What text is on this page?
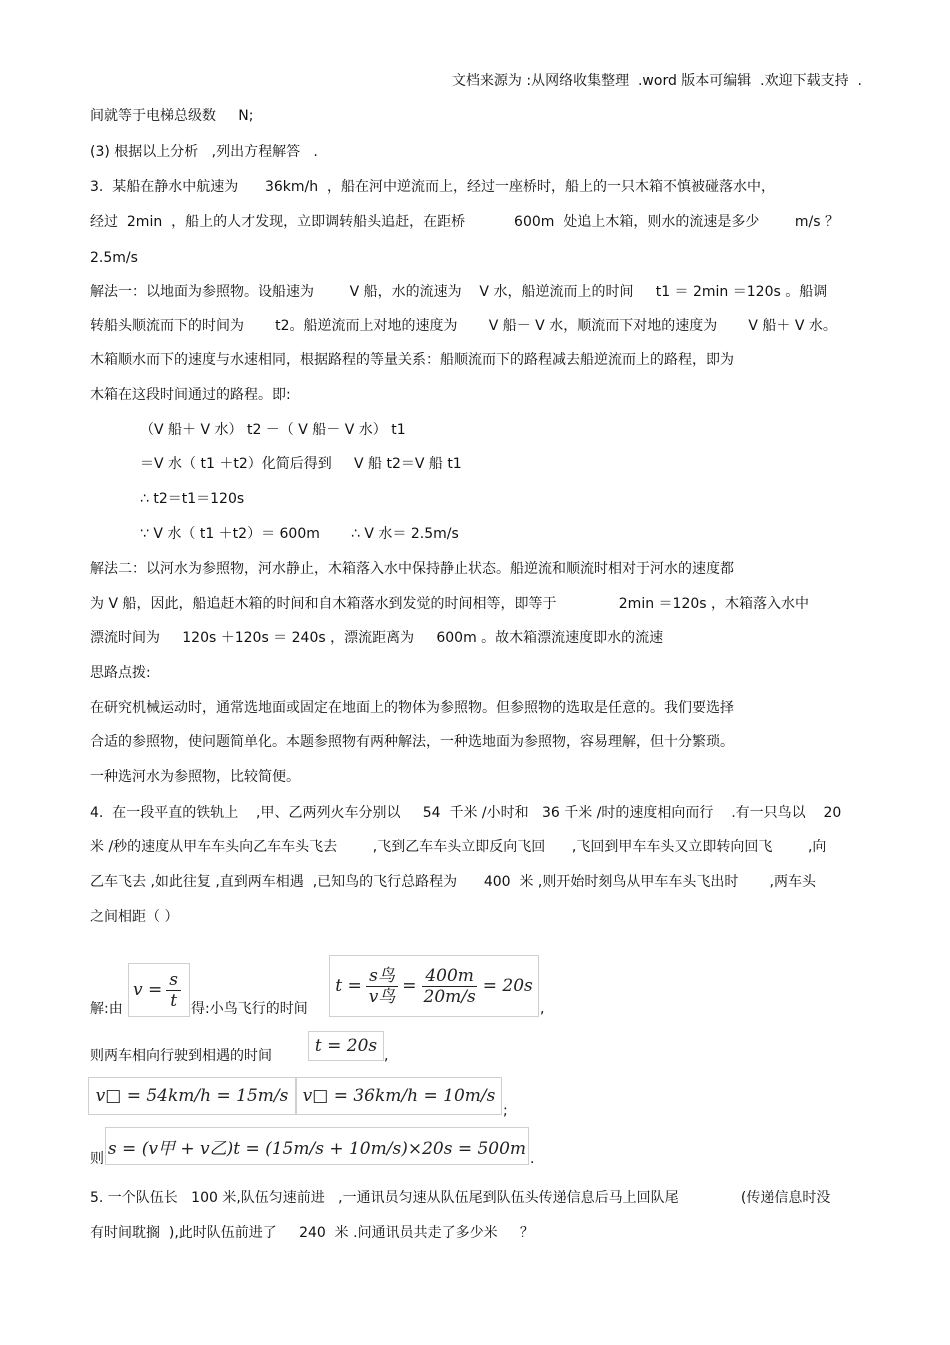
文档来源为 :从网络收集整理  .word 版本可编辑  .欢迎下载支持  .
间就等于电梯总级数     N;
(3) 根据以上分析   ,列出方程解答   .
3.  某船在静水中航速为      36km/h  ，船在河中逆流而上，经过一座桥时，船上的一只木箱不慎被碰落水中，
经过  2min  ，船上的人才发现，立即调转船头追赶，在距桥           600m  处追上木箱，则水的流速是多少        m/s ？
2.5m/s
解法一：以地面为参照物。设船速为        V 船，水的流速为    V 水，船逆流而上的时间     t1 ＝ 2min ＝120s 。船调
转船头顺流而下的时间为       t2。船逆流而上对地的速度为       V 船－ V 水，顺流而下对地的速度为       V 船＋ V 水。
木箱顺水而下的速度与水速相同，根据路程的等量关系：船顺流而下的路程减去船逆流而上的路程，即为
木箱在这段时间通过的路程。即:
（V 船＋ V 水） t2 －（ V 船－ V 水） t1
＝V 水（ t1 ＋t2）化简后得到     V 船 t2＝V 船 t1
∴ t2＝t1＝120s
∵ V 水（ t1 ＋t2）＝ 600m       ∴ V 水＝ 2.5m/s
解法二：以河水为参照物，河水静止，木箱落入水中保持静止状态。船逆流和顺流时相对于河水的速度都
为 V 船，因此，船追赶木箱的时间和自木箱落水到发觉的时间相等，即等于              2min ＝120s ，木箱落入水中
漂流时间为     120s ＋120s ＝ 240s ，漂流距离为     600m 。故木箱漂流速度即水的流速
思路点拨:
在研究机械运动时，通常选地面或固定在地面上的物体为参照物。但参照物的选取是任意的。我们要选择
合适的参照物，使问题简单化。本题参照物有两种解法，一种选地面为参照物，容易理解，但十分繁琐。
一种选河水为参照物，比较简便。
4.  在一段平直的铁轨上    ,甲、乙两列火车分别以     54  千米 /小时和   36 千米 /时的速度相向而行    .有一只鸟以    20
米 /秒的速度从甲车车头向乙车车头飞去        ,飞到乙车车头立即反向飞回      ,飞回到甲车车头又立即转向回飞        ,向
乙车飞去 ,如此往复 ,直到两车相遇  ,已知鸟的飞行总路程为      400  米 ,则开始时刻鸟从甲车车头飞出时       ,两车头
之间相距（ ）
解:由
$v = \frac{s}{t}$ 得:小鸟飞行的时间
$t = \frac{\text{s鸟}}{\text{v鸟}} = \frac{400m}{20m/s} = 20s$
,
则两车相向行驶到相遇的时间	t = 20s ,
v□ = 54km/h = 15m/s v□ = 36km/h = 10m/s
;
则
s = (v甲 + v乙)t = (15m/s + 10m/s)×20s = 500m
.
5. 一个队伍长   100 米,队伍匀速前进   ,一通讯员匀速从队伍尾到队伍头传递信息后马上回队尾              (传递信息时没
有时间耽搁  ),此时队伍前进了     240  米 .问通讯员共走了多少米     ？
